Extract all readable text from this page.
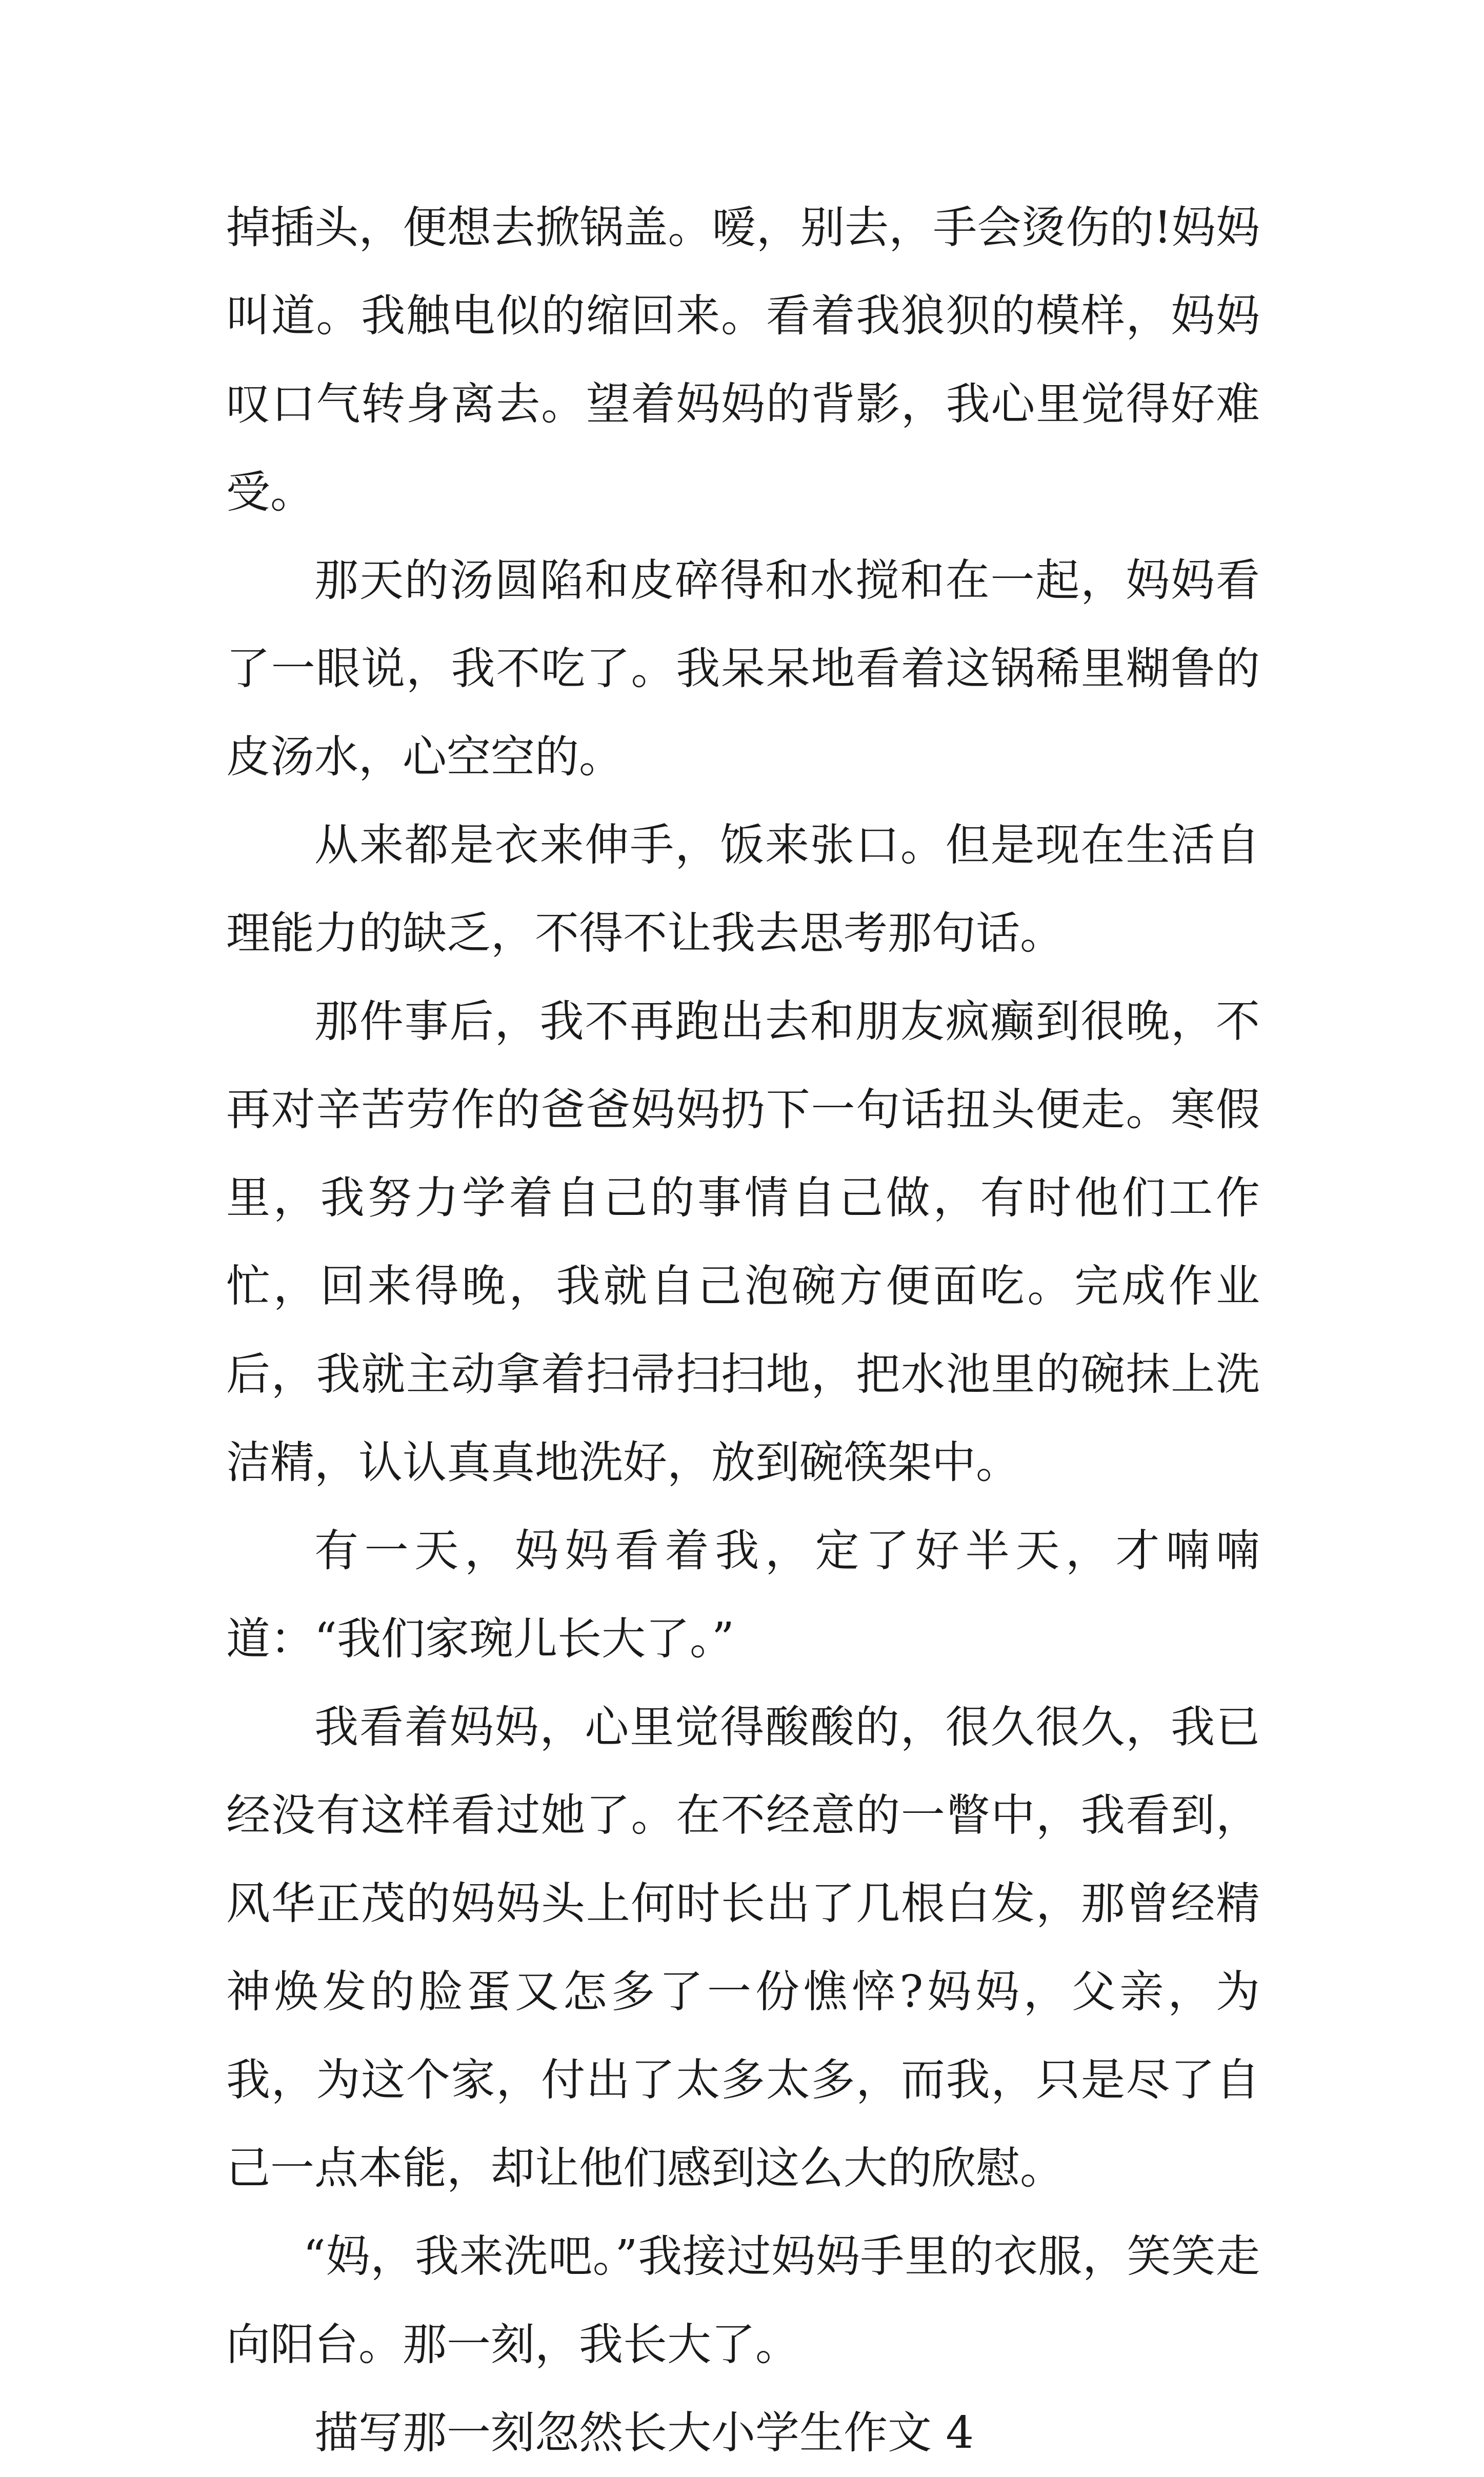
掉插头，便想去掀锅盖。嗳，别去，手会烫伤的!妈妈叫道。我触电似的缩回来。看着我狼狈的模样，妈妈叹口气转身离去。望着妈妈的背影，我心里觉得好难受。

那天的汤圆陷和皮碎得和水搅和在一起，妈妈看了一眼说，我不吃了。我呆呆地看着这锅稀里糊鲁的皮汤水，心空空的。

从来都是衣来伸手，饭来张口。但是现在生活自理能力的缺乏，不得不让我去思考那句话。

那件事后，我不再跑出去和朋友疯癫到很晚，不再对辛苦劳作的爸爸妈妈扔下一句话扭头便走。寒假里，我努力学着自己的事情自己做，有时他们工作忙，回来得晚，我就自己泡碗方便面吃。完成作业后，我就主动拿着扫帚扫扫地，把水池里的碗抹上洗洁精，认认真真地洗好，放到碗筷架中。

有一天，妈妈看着我，定了好半天，才喃喃道：“我们家琬儿长大了。”

我看着妈妈，心里觉得酸酸的，很久很久，我已经没有这样看过她了。在不经意的一瞥中，我看到，风华正茂的妈妈头上何时长出了几根白发，那曾经精神焕发的脸蛋又怎多了一份憔悴?妈妈，父亲，为我，为这个家，付出了太多太多，而我，只是尽了自己一点本能，却让他们感到这么大的欣慰。

“妈，我来洗吧。”我接过妈妈手里的衣服，笑笑走向阳台。那一刻，我长大了。

描写那一刻忽然长大小学生作文 4
